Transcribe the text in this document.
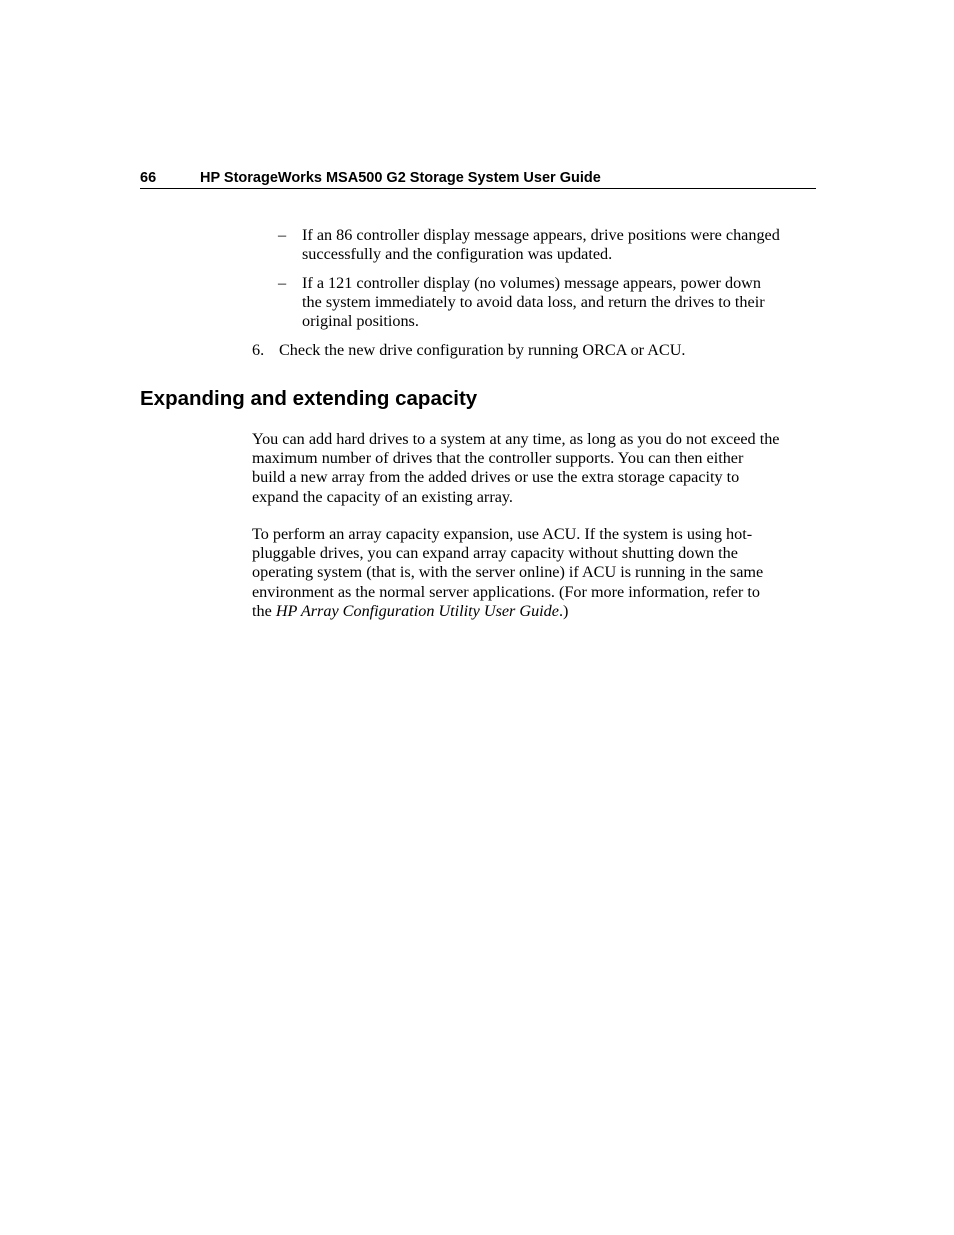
66	HP StorageWorks MSA500 G2 Storage System User Guide
– If an 86 controller display message appears, drive positions were changed

successfully and the configuration was updated.

– If a 121 controller display (no volumes) message appears, power down

the system immediately to avoid data loss, and return the drives to their

original positions.

6. Check the new drive configuration by running ORCA or ACU.
Expanding and extending capacity

You can add hard drives to a system at any time, as long as you do not exceed the

maximum number of drives that the controller supports. You can then either

build a new array from the added drives or use the extra storage capacity to

expand the capacity of an existing array.

To perform an array capacity expansion, use ACU. If the system is using hot-

pluggable drives, you can expand array capacity without shutting down the

operating system (that is, with the server online) if ACU is running in the same

environment as the normal server applications. (For more information, refer to

the HP Array Configuration Utility User Guide.)
